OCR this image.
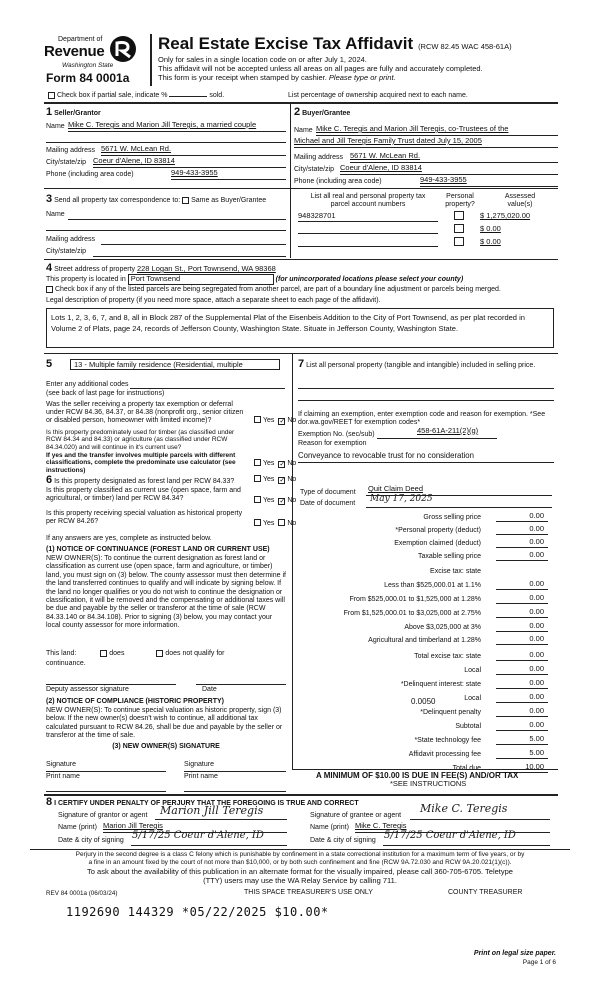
Department of
Revenue
Washington State
Form 84 0001a
Real Estate Excise Tax Affidavit (RCW 82.45 WAC 458-61A)
Only for sales in a single location code on or after July 1, 2024.
This affidavit will not be accepted unless all areas on all pages are fully and accurately completed.
This form is your receipt when stamped by cashier. Please type or print.
Check box if partial sale, indicate %	sold.	List percentage of ownership acquired next to each name.
1 Seller/Grantor
Name Mike C. Teregis and Marion Jill Teregis, a married couple
Mailing address 5671 W. McLean Rd.
City/state/zip Coeur d'Alene, ID 83814
Phone (including area code)	949-433-3955
2 Buyer/Grantee
Name Mike C. Teregis and Marion Jill Teregis, co-Trustees of the
Michael and Jill Teregis Family Trust dated July 15, 2005
Mailing address 5671 W. McLean Rd.
City/state/zip Coeur d'Alene, ID 83814
Phone (including area code)	949-433-3955
3 Send all property tax correspondence to: Same as Buyer/Grantee
Name
Mailing address
City/state/zip
List all real and personal property tax
parcel account numbers
Personal
property?
Assessed
value(s)
948328701	$ 1,275,020.00
$ 0.00
$ 0.00
4 Street address of property 228 Logan St., Port Townsend, WA 98368
This property is located in Port Townsend	(for unincorporated locations please select your county)
Check box if any of the listed parcels are being segregated from another parcel, are part of a boundary line adjustment or parcels being merged.
Legal description of property (if you need more space, attach a separate sheet to each page of the affidavit).
Lots 1, 2, 3, 6, 7, and 8, all in Block 287 of the Supplemental Plat of the Eisenbeis Addition to the City of Port Townsend, as per plat recorded in Volume 2 of Plats, page 24, records of Jefferson County, Washington State. Situate in Jefferson County, Washington State.
5	13 - Multiple family residence (Residential, multiple
Enter any additional codes
(see back of last page for instructions)
Was the seller receiving a property tax exemption or deferral under RCW 84.36, 84.37, or 84.38 (nonprofit org., senior citizen or disabled person, homeowner with limited income)?	Yes ✓ No
Is this property predominately used for timber (as classified under RCW 84.34 and 84.33) or agriculture (as classified under RCW 84.34.020) and will continue in it's current use?
If yes and the transfer involves multiple parcels with different classifications, complete the predominate use calculator (see instructions)
Yes ✓ No
6 Is this property designated as forest land per RCW 84.33?	Yes ✓ No
Is this property classified as current use (open space, farm and agricultural, or timber) land per RCW 84.34?	Yes ✓ No
Is this property receiving special valuation as historical property per RCW 84.26?	Yes No
If any answers are yes, complete as instructed below.
(1) NOTICE OF CONTINUANCE (FOREST LAND OR CURRENT USE)
NEW OWNER(S): To continue the current designation as forest land or classification as current use (open space, farm and agriculture, or timber) land, you must sign on (3) below. The county assessor must then determine if the land transferred continues to qualify and will indicate by signing below. If the land no longer qualifies or you do not wish to continue the designation or classification, it will be removed and the compensating or additional taxes will be due and payable by the seller or transferor at the time of sale (RCW 84.33.140 or 84.34.108). Prior to signing (3) below, you may contact your local county assessor for more information.
This land:	does	does not qualify for
continuance.
Deputy assessor signature	Date
(2) NOTICE OF COMPLIANCE (HISTORIC PROPERTY)
NEW OWNER(S): To continue special valuation as historic property, sign (3) below. If the new owner(s) doesn't wish to continue, all additional tax calculated pursuant to RCW 84.26, shall be due and payable by the seller or transferor at the time of sale.
(3) NEW OWNER(S) SIGNATURE
Signature	Signature
Print name	Print name
7 List all personal property (tangible and intangible) included in selling price.
If claiming an exemption, enter exemption code and reason for exemption. *See dor.wa.gov/REET for exemption codes*
Exemption No. (sec/sub)	458-61A-211(2)(g)
Reason for exemption
Conveyance to revocable trust for no consideration
Type of document Quit Claim Deed
Date of document May 17, 2025
Gross selling price	0.00
*Personal property (deduct)	0.00
Exemption claimed (deduct)	0.00
Taxable selling price	0.00
Excise tax: state
Less than $525,000.01 at 1.1%	0.00
From $525,000.01 to $1,525,000 at 1.28%	0.00
From $1,525,000.01 to $3,025,000 at 2.75%	0.00
Above $3,025,000 at 3%	0.00
Agricultural and timberland at 1.28%	0.00
Total excise tax: state	0.00
Local	0.00
*Delinquent interest: state	0.00
Local	0.00
*Delinquent penalty	0.00
Subtotal	0.00
*State technology fee	5.00
Affidavit processing fee	5.00
Total due	10.00
0.0050
A MINIMUM OF $10.00 IS DUE IN FEE(S) AND/OR TAX
*SEE INSTRUCTIONS
8 I CERTIFY UNDER PENALTY OF PERJURY THAT THE FOREGOING IS TRUE AND CORRECT
Signature of grantor or agent Marion Jill Teregis
Name (print) Marion Jill Teregis
Date & city of signing 5/17/25 Coeur d'Alene, ID
Signature of grantee or agent
Mike C. Teregis
Name (print) Mike C. Teregis
Date & city of signing 5/17/25 Coeur d'Alene, ID
Perjury in the second degree is a class C felony which is punishable by confinement in a state correctional institution for a maximum term of five years, or by
a fine in an amount fixed by the court of not more than $10,000, or by both such confinement and fine (RCW 9A.72.030 and RCW 9A.20.021(1)(c)).
To ask about the availability of this publication in an alternate format for the visually impaired, please call 360-705-6705. Teletype
(TTY) users may use the WA Relay Service by calling 711.
REV 84 0001a (06/03/24)	THIS SPACE TREASURER'S USE ONLY	COUNTY TREASURER
1192690 144329 *05/22/2025 $10.00*
Print on legal size paper.
Page 1 of 6
